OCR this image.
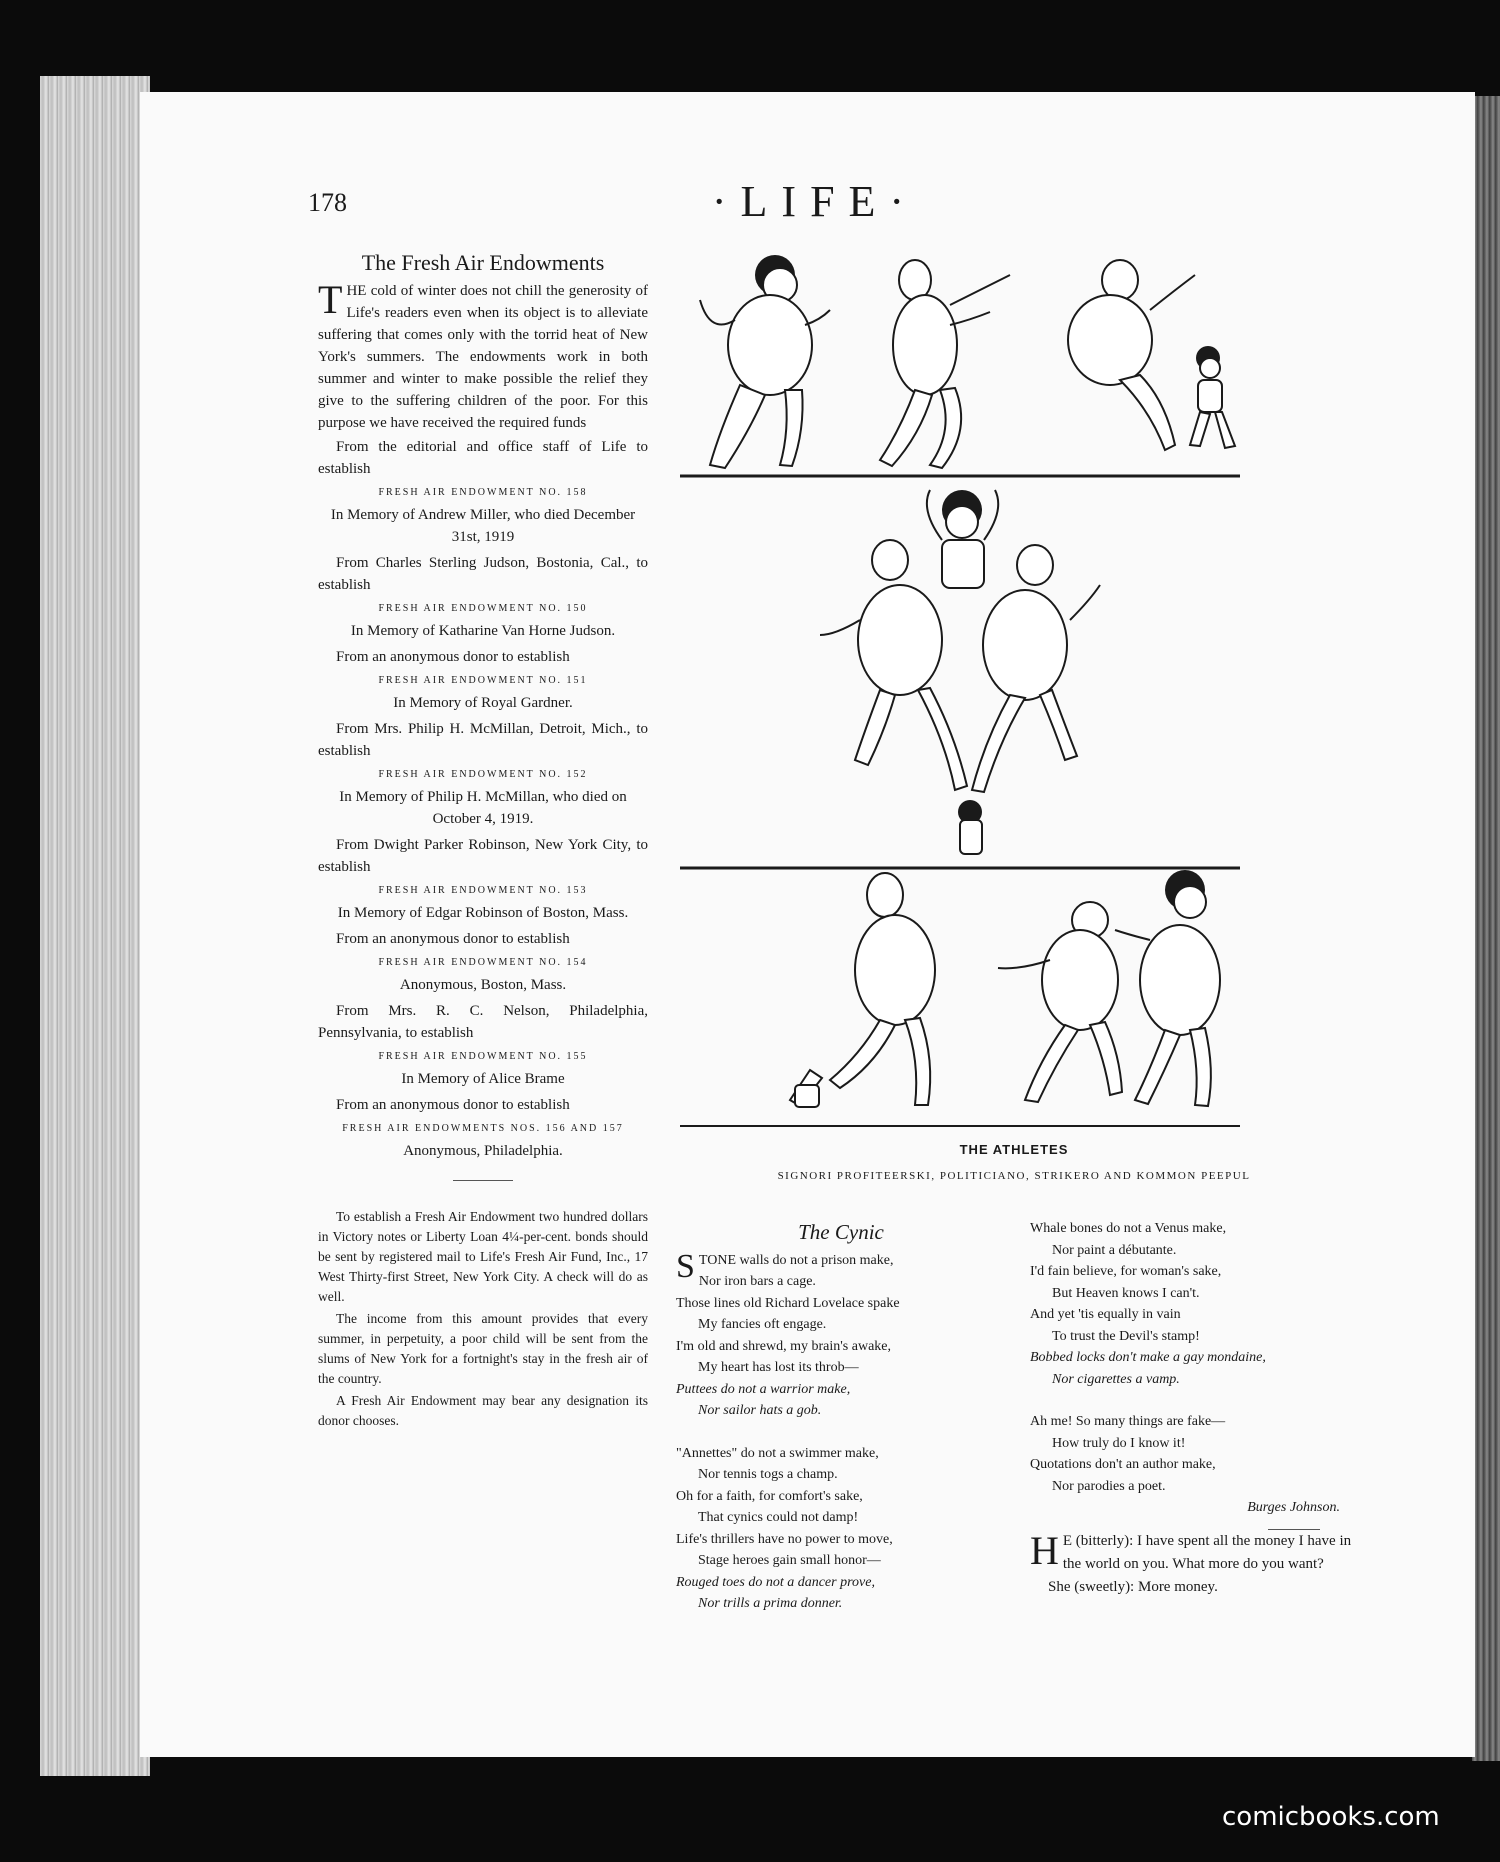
178	·LIFE·
The Fresh Air Endowments

THE cold of winter does not chill the generosity of Life's readers even when its object is to alleviate suffering that comes only with the torrid heat of New York's summers. The endowments work in both summer and winter to make possible the relief they give to the suffering children of the poor. For this purpose we have received the required funds

From the editorial and office staff of Life to establish

FRESH AIR ENDOWMENT NO. 158
In Memory of Andrew Miller, who died December 31st, 1919

From Charles Sterling Judson, Bostonia, Cal., to establish

FRESH AIR ENDOWMENT NO. 150
In Memory of Katharine Van Horne Judson.

From an anonymous donor to establish

FRESH AIR ENDOWMENT NO. 151
In Memory of Royal Gardner.

From Mrs. Philip H. McMillan, Detroit, Mich., to establish

FRESH AIR ENDOWMENT NO. 152
In Memory of Philip H. McMillan, who died on October 4, 1919.

From Dwight Parker Robinson, New York City, to establish

FRESH AIR ENDOWMENT NO. 153
In Memory of Edgar Robinson of Boston, Mass.

From an anonymous donor to establish

FRESH AIR ENDOWMENT NO. 154
Anonymous, Boston, Mass.

From Mrs. R. C. Nelson, Philadelphia, Pennsylvania, to establish

FRESH AIR ENDOWMENT NO. 155
In Memory of Alice Brame

From an anonymous donor to establish

FRESH AIR ENDOWMENTS NOS. 156 AND 157
Anonymous, Philadelphia.

To establish a Fresh Air Endowment two hundred dollars in Victory notes or Liberty Loan 4¼-per-cent. bonds should be sent by registered mail to Life's Fresh Air Fund, Inc., 17 West Thirty-first Street, New York City. A check will do as well.

The income from this amount provides that every summer, in perpetuity, a poor child will be sent from the slums of New York for a fortnight's stay in the fresh air of the country.

A Fresh Air Endowment may bear any designation its donor chooses.

THE ATHLETES
SIGNORI PROFITEERSKI, POLITICIANO, STRIKERO AND KOMMON PEEPUL
The Cynic
STONE walls do not a prison make,
Nor iron bars a cage.
Those lines old Richard Lovelace spake
My fancies oft engage.
I'm old and shrewd, my brain's awake,
My heart has lost its throb—
Puttees do not a warrior make,
Nor sailor hats a gob.
"Annettes" do not a swimmer make,
Nor tennis togs a champ.
Oh for a faith, for comfort's sake,
That cynics could not damp!
Life's thrillers have no power to move,
Stage heroes gain small honor—
Rouged toes do not a dancer prove,
Nor trills a prima donner.
Whale bones do not a Venus make,
Nor paint a débutante.
I'd fain believe, for woman's sake,
But Heaven knows I can't.
And yet 'tis equally in vain
To trust the Devil's stamp!
Bobbed locks don't make a gay mondaine,
Nor cigarettes a vamp.
Ah me! So many things are fake—
How truly do I know it!
Quotations don't an author make,
Nor parodies a poet.
Burges Johnson.
H E (bitterly): I have spent all the money I have in the world on you. What more do you want?
She (sweetly): More money.
comicbooks.com
